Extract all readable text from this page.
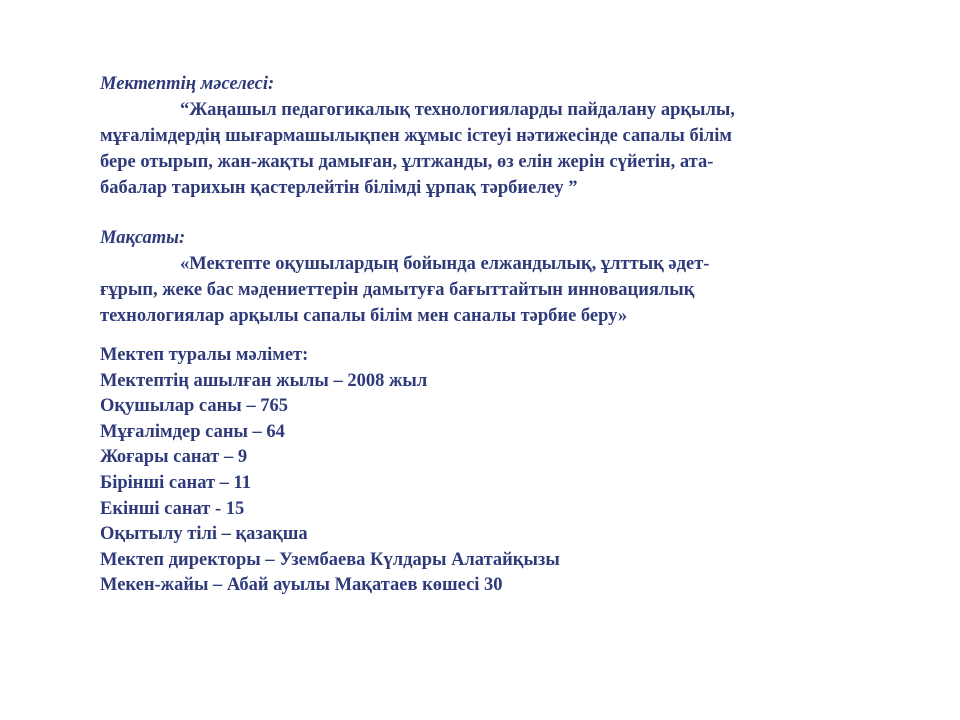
Мектептің мәселесі:
“Жаңашыл педагогикалық технологияларды пайдалану арқылы,
мұғалімдердің шығармашылықпен жұмыс істеуі нәтижесінде сапалы білім
бере отырып, жан-жақты дамыған, ұлтжанды, өз елін жерін сүйетін, ата-
бабалар тарихын қастерлейтін білімді ұрпақ тәрбиелеу ”
Мақсаты:
«Мектепте оқушылардың бойында елжандылық, ұлттық әдет-
ғұрып, жеке бас мәдениеттерін дамытуға бағыттайтын инновациялық
технологиялар арқылы сапалы білім мен саналы тәрбие беру»
Мектеп туралы мәлімет:
Мектептің ашылған жылы – 2008 жыл
Оқушылар саны – 765
Мұғалімдер саны – 64
Жоғары санат – 9
Бірінші санат – 11
Екінші санат - 15
Оқытылу тілі – қазақша
Мектеп директоры – Узембаева Күлдары Алатайқызы
Мекен-жайы – Абай ауылы Мақатаев көшесі 30
